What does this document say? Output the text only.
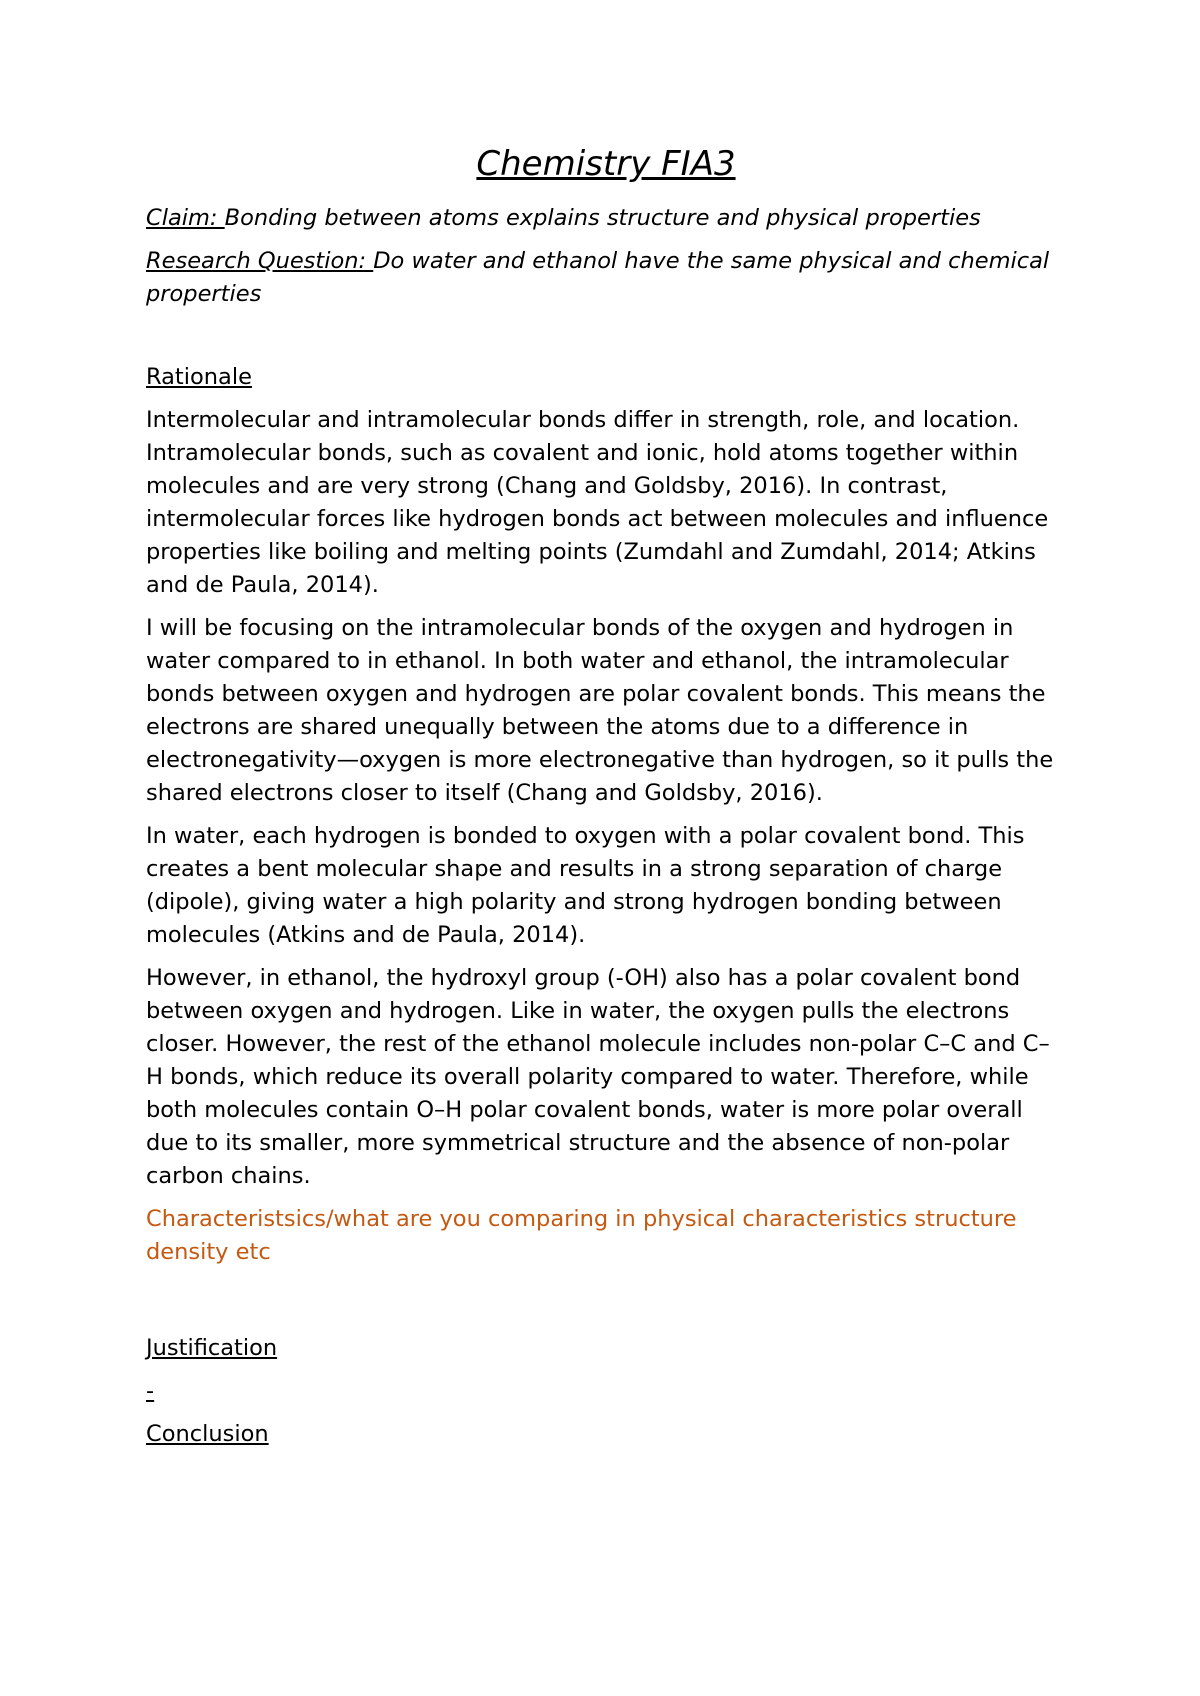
Chemistry FIA3

Claim: Bonding between atoms explains structure and physical properties

Research Question: Do water and ethanol have the same physical and chemical properties

Rationale

Intermolecular and intramolecular bonds differ in strength, role, and location. Intramolecular bonds, such as covalent and ionic, hold atoms together within molecules and are very strong (Chang and Goldsby, 2016). In contrast, intermolecular forces like hydrogen bonds act between molecules and influence properties like boiling and melting points (Zumdahl and Zumdahl, 2014; Atkins and de Paula, 2014).

I will be focusing on the intramolecular bonds of the oxygen and hydrogen in water compared to in ethanol. In both water and ethanol, the intramolecular bonds between oxygen and hydrogen are polar covalent bonds. This means the electrons are shared unequally between the atoms due to a difference in electronegativity—oxygen is more electronegative than hydrogen, so it pulls the shared electrons closer to itself (Chang and Goldsby, 2016).

In water, each hydrogen is bonded to oxygen with a polar covalent bond. This creates a bent molecular shape and results in a strong separation of charge (dipole), giving water a high polarity and strong hydrogen bonding between molecules (Atkins and de Paula, 2014).

However, in ethanol, the hydroxyl group (-OH) also has a polar covalent bond between oxygen and hydrogen. Like in water, the oxygen pulls the electrons closer. However, the rest of the ethanol molecule includes non-polar C–C and C–H bonds, which reduce its overall polarity compared to water. Therefore, while both molecules contain O–H polar covalent bonds, water is more polar overall due to its smaller, more symmetrical structure and the absence of non-polar carbon chains.

Characteristsics/what are you comparing in physical characteristics structure density etc

Justification

-

Conclusion
